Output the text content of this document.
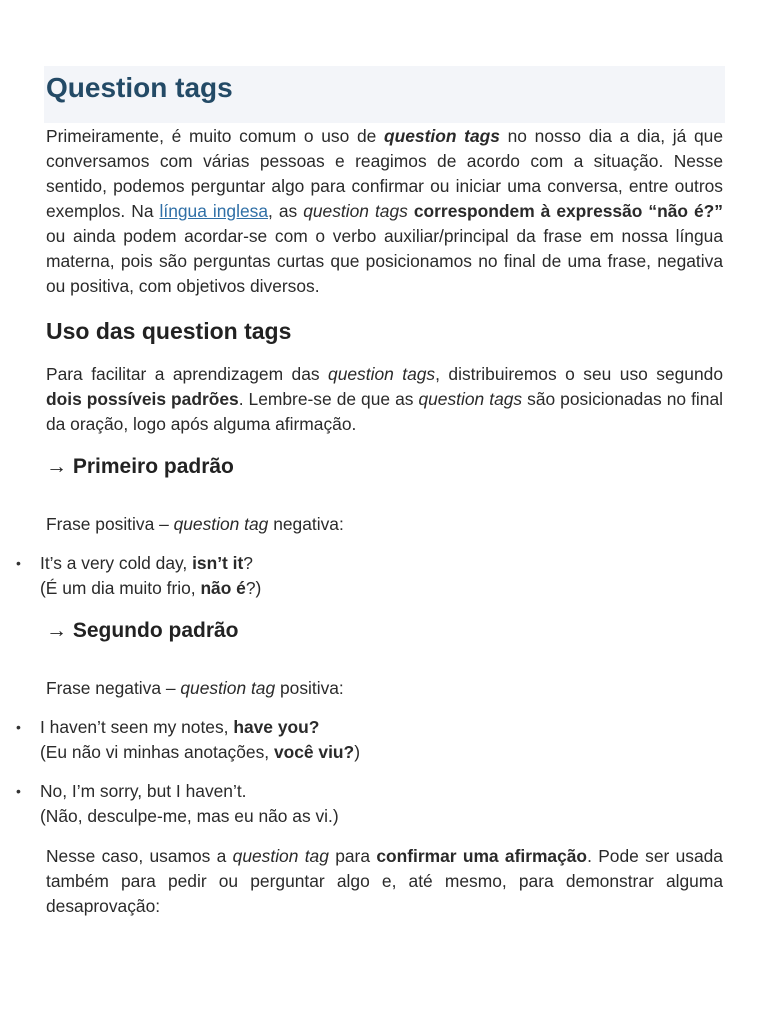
Question tags

Primeiramente, é muito comum o uso de question tags no nosso dia a dia, já que conversamos com várias pessoas e reagimos de acordo com a situação. Nesse sentido, podemos perguntar algo para confirmar ou iniciar uma conversa, entre outros exemplos. Na língua inglesa, as question tags correspondem à expressão “não é?” ou ainda podem acordar-se com o verbo auxiliar/principal da frase em nossa língua materna, pois são perguntas curtas que posicionamos no final de uma frase, negativa ou positiva, com objetivos diversos.

Uso das question tags

Para facilitar a aprendizagem das question tags, distribuiremos o seu uso segundo dois possíveis padrões. Lembre-se de que as question tags são posicionadas no final da oração, logo após alguma afirmação.

→ Primeiro padrão

Frase positiva – question tag negativa:

• It’s a very cold day, isn’t it?
(É um dia muito frio, não é?)
→ Segundo padrão

Frase negativa – question tag positiva:

• I haven’t seen my notes, have you?
(Eu não vi minhas anotações, você viu?)
• No, I’m sorry, but I haven’t.
(Não, desculpe-me, mas eu não as vi.)

Nesse caso, usamos a question tag para confirmar uma afirmação. Pode ser usada também para pedir ou perguntar algo e, até mesmo, para demonstrar alguma desaprovação:
